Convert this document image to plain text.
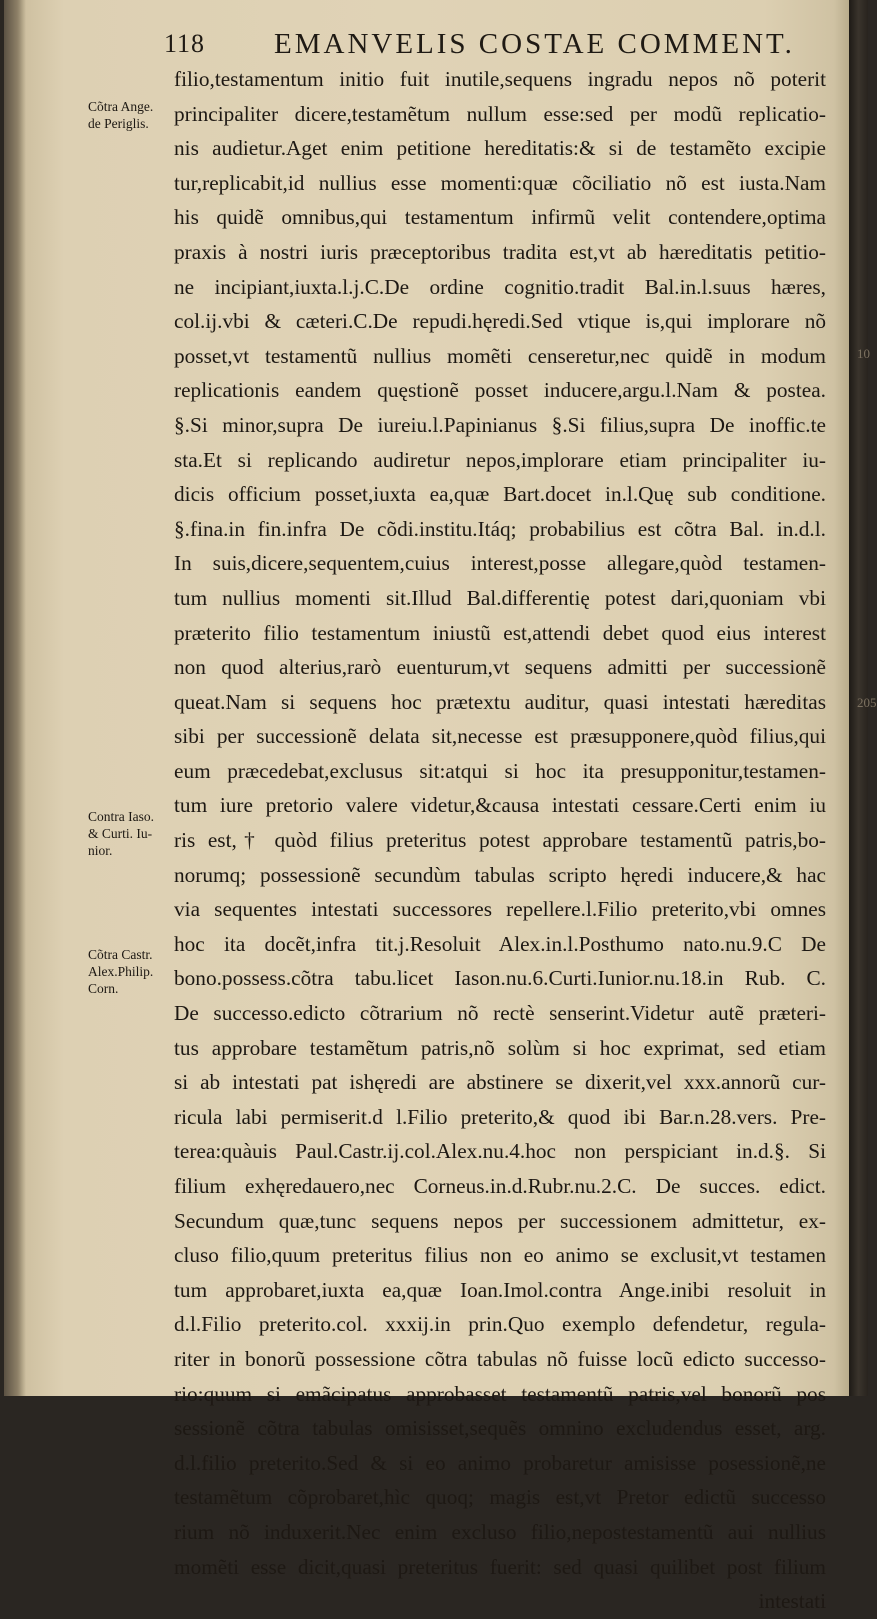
118 EMANVELIS COSTAE COMMENT.
Cõtra Ange.
de Periglis.
Contra Iaso.
& Curti. Iu-
nior.
Cõtra Castr.
Alex.Philip.
Corn.
filio,testamentum initio fuit inutile,sequens ingradu nepos nõ poterit
principaliter dicere,testamẽtum nullum esse:sed per modũ replicatio-
nis audietur.Aget enim petitione hereditatis:& si de testamẽto excipie
tur,replicabit,id nullius esse momenti:quæ cõciliatio nõ est iusta.Nam
his quidẽ omnibus,qui testamentum infirmũ velit contendere,optima
praxis à nostri iuris præceptoribus tradita est,vt ab hæreditatis petitio-
ne incipiant,iuxta.l.j.C.De ordine cognitio.tradit Bal.in.l.suus hæres,
col.ij.vbi & cæteri.C.De repudi.hęredi.Sed vtique is,qui implorare nõ
posset,vt testamentũ nullius momẽti censeretur,nec quidẽ in modum
replicationis eandem quęstionẽ posset inducere,argu.l.Nam & postea.
§.Si minor,supra De iureiu.l.Papinianus §.Si filius,supra De inoffic.te
sta.Et si replicando audiretur nepos,implorare etiam principaliter iu-
dicis officium posset,iuxta ea,quæ Bart.docet in.l.Quę sub conditione.
§.fina.in fin.infra De cõdi.institu.Itáq; probabilius est cõtra Bal. in.d.l.
In suis,dicere,sequentem,cuius interest,posse allegare,quòd testamen-
tum nullius momenti sit.Illud Bal.differentię potest dari,quoniam vbi
præterito filio testamentum iniustũ est,attendi debet quod eius interest
non quod alterius,rarò euenturum,vt sequens admitti per successionẽ
queat.Nam si sequens hoc prætextu auditur, quasi intestati hæreditas
sibi per successionẽ delata sit,necesse est præsupponere,quòd filius,qui
eum præcedebat,exclusus sit:atqui si hoc ita presupponitur,testamen-
tum iure pretorio valere videtur,&causa intestati cessare.Certi enim iu
ris est,† quòd filius preteritus potest approbare testamentũ patris,bo-
norumq; possessionẽ secundùm tabulas scripto hęredi inducere,& hac
via sequentes intestati successores repellere.l.Filio preterito,vbi omnes
hoc ita docẽt,infra tit.j.Resoluit Alex.in.l.Posthumo nato.nu.9.C De
bono.possess.cõtra tabu.licet Iason.nu.6.Curti.Iunior.nu.18.in Rub. C.
De successo.edicto cõtrarium nõ rectè senserint.Videtur autẽ præteri-
tus approbare testamẽtum patris,nõ solùm si hoc exprimat, sed etiam
si ab intestati pat ishęredi are abstinere se dixerit,vel xxx.annorũ cur-
ricula labi permiserit.d l.Filio preterito,& quod ibi Bar.n.28.vers. Pre-
terea:quàuis Paul.Castr.ij.col.Alex.nu.4.hoc non perspiciant in.d.§. Si
filium exhęredauero,nec Corneus.in.d.Rubr.nu.2.C. De succes. edict.
Secundum quæ,tunc sequens nepos per successionem admittetur, ex-
cluso filio,quum preteritus filius non eo animo se exclusit,vt testamen
tum approbaret,iuxta ea,quæ Ioan.Imol.contra Ange.inibi resoluit in
d.l.Filio preterito.col. xxxij.in prin.Quo exemplo defendetur, regula-
riter in bonorũ possessione cõtra tabulas nõ fuisse locũ edicto successo-
rio:quum si emãcipatus approbasset testamentũ patris,vel bonorũ pos
sessionẽ cõtra tabulas omisisset,sequẽs omnino excludendus esset, arg.
d.l.filio preterito.Sed & si eo animo probaretur amisisse posessionẽ,ne
testamẽtum cõprobaret,hìc quoq; magis est,vt Pretor edictũ successo
rium nõ induxerit.Nec enim excluso filio,nepostestamentũ aui nullius
momẽti esse dicit,quasi preteritus fuerit: sed quasi quilibet post filium
intestati
10
205
